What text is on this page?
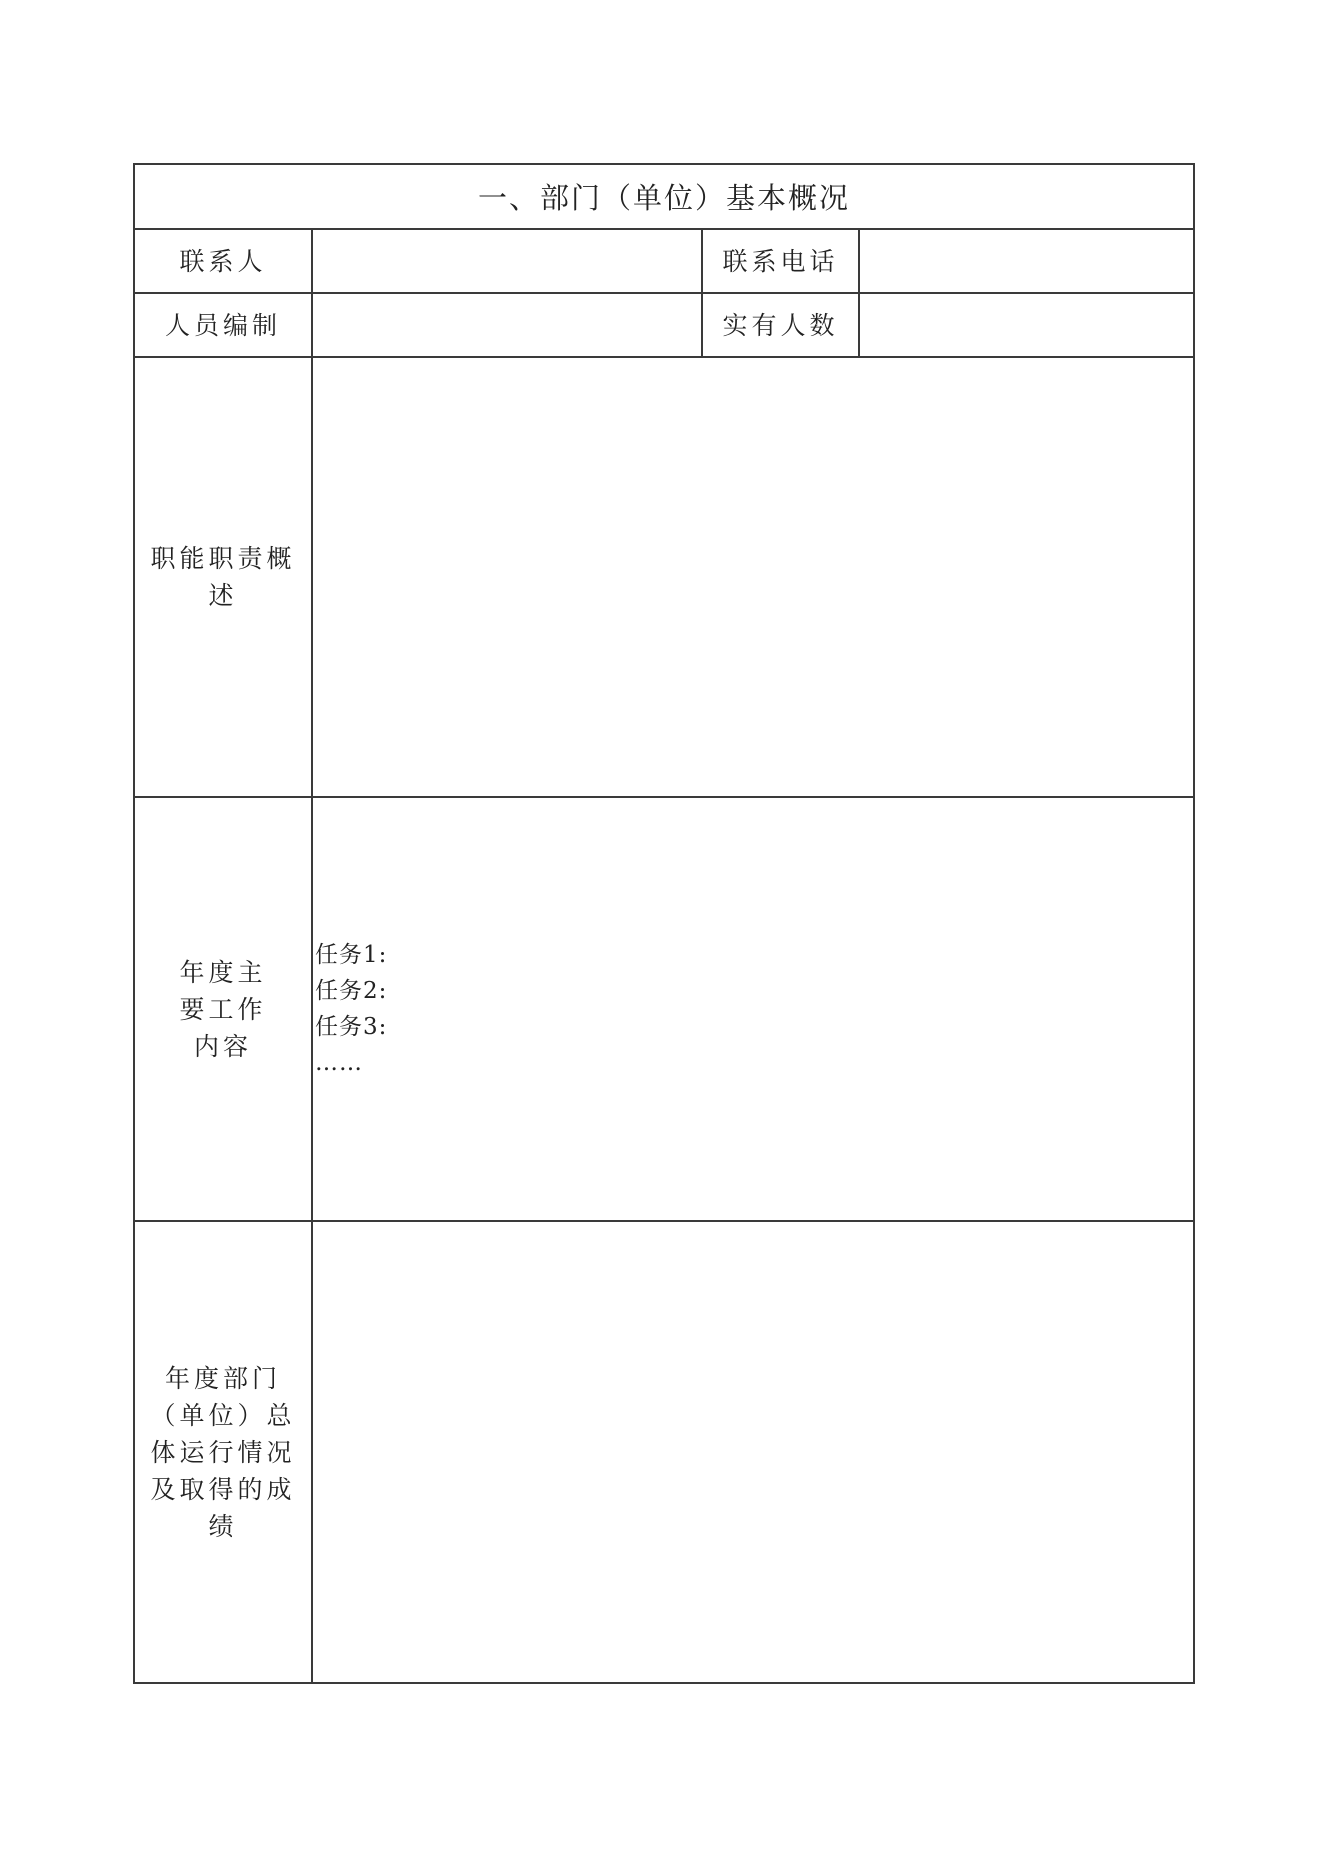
一、部门（单位）基本概况			
联系人		联系电话	
人员编制		实有人数	
职能职责概述			
年度主要工作内容	任务1:
任务2:
任务3:
……		

年度部门（单位）总体运行情况及取得的成绩			
